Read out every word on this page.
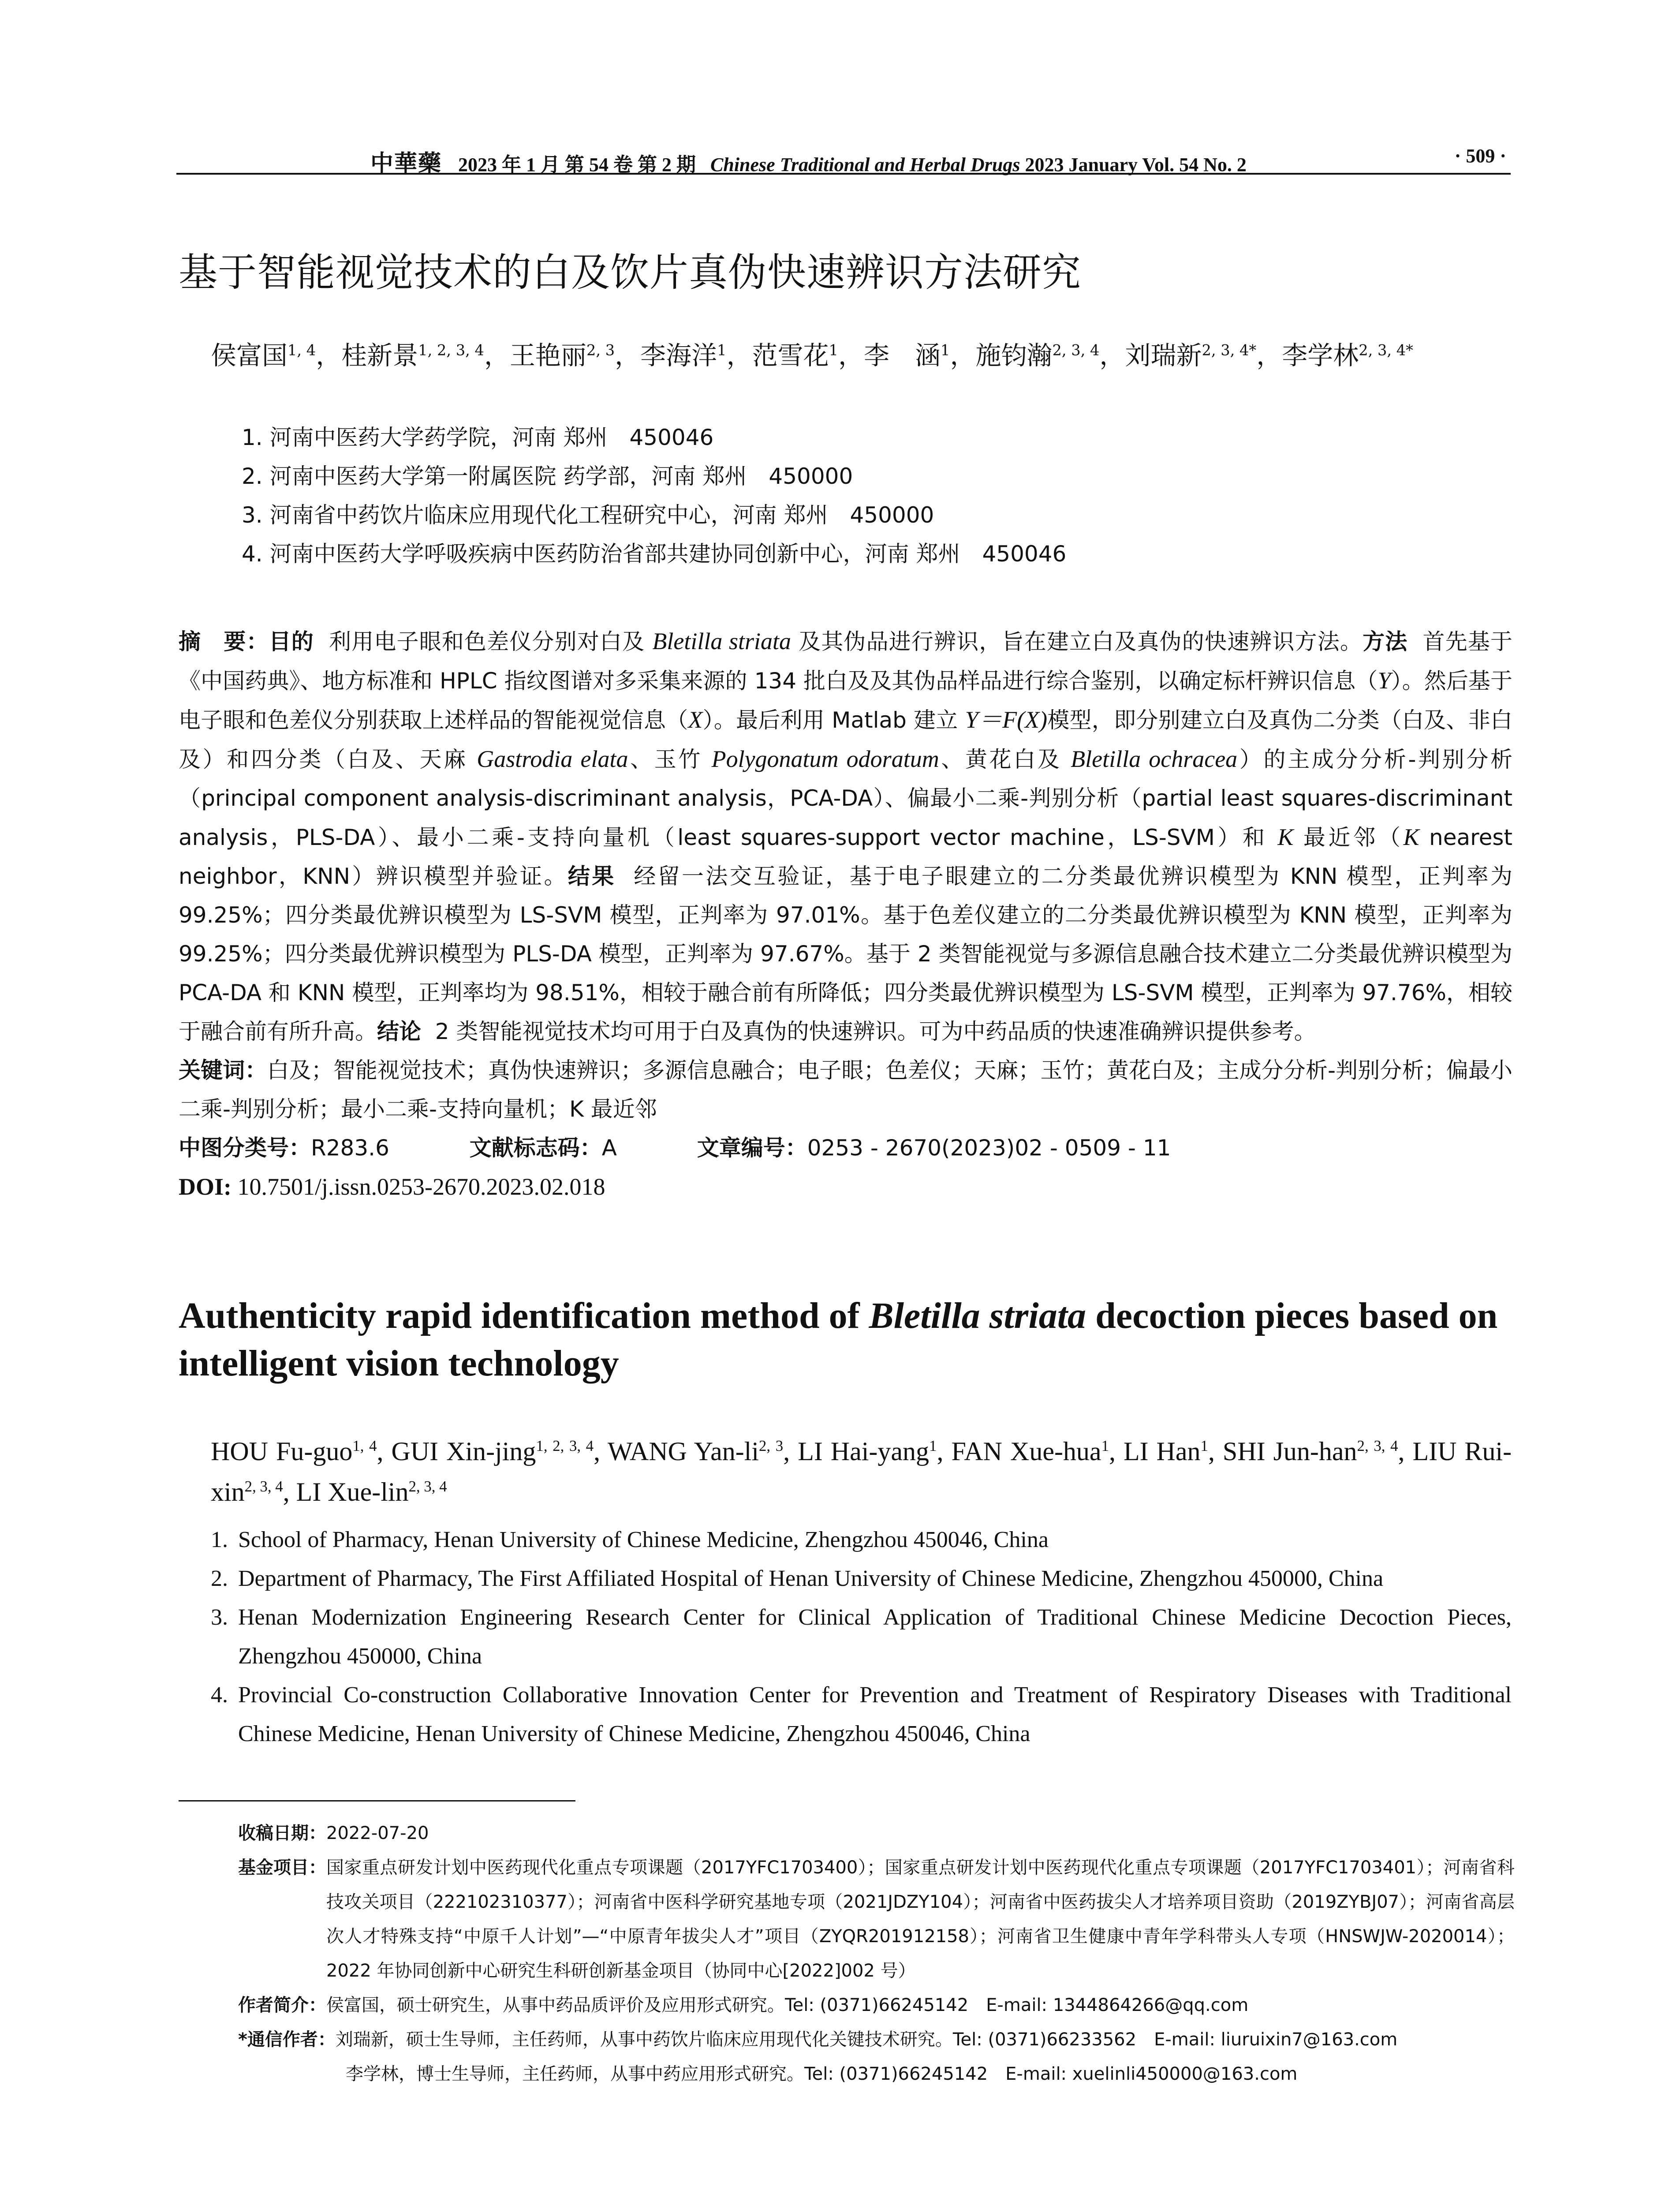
中華藥 2023 年 1 月 第 54 卷 第 2 期 Chinese Traditional and Herbal Drugs 2023 January Vol. 54 No. 2	· 509 ·
基于智能视觉技术的白及饮片真伪快速辨识方法研究
侯富国$^{1, 4}$，桂新景$^{1, 2, 3, 4}$，王艳丽$^{2, 3}$，李海洋$^1$，范雪花$^1$，李　涵$^1$，施钧瀚$^{2, 3, 4}$，刘瑞新$^{2, 3, 4*}$，李学林$^{2, 3, 4*}$
1. 河南中医药大学药学院，河南 郑州　450046
2. 河南中医药大学第一附属医院 药学部，河南 郑州　450000
3. 河南省中药饮片临床应用现代化工程研究中心，河南 郑州　450000
4. 河南中医药大学呼吸疾病中医药防治省部共建协同创新中心，河南 郑州　450046

摘　要：目的 利用电子眼和色差仪分别对白及 Bletilla striata 及其伪品进行辨识，旨在建立白及真伪的快速辨识方法。方法 首先基于《中国药典》、地方标准和 HPLC 指纹图谱对多采集来源的 134 批白及及其伪品样品进行综合鉴别，以确定标杆辨识信息（Y）。然后基于电子眼和色差仪分别获取上述样品的智能视觉信息（X）。最后利用 Matlab 建立 Y＝F(X)模型，即分别建立白及真伪二分类（白及、非白及）和四分类（白及、天麻 Gastrodia elata、玉竹 Polygonatum odoratum、黄花白及 Bletilla ochracea）的主成分分析-判别分析（principal component analysis-discriminant analysis，PCA-DA）、偏最小二乘-判别分析（partial least squares-discriminant analysis，PLS-DA）、最小二乘-支持向量机（least squares-support vector machine，LS-SVM）和 K 最近邻（K nearest neighbor，KNN）辨识模型并验证。结果 经留一法交互验证，基于电子眼建立的二分类最优辨识模型为 KNN 模型，正判率为 99.25%；四分类最优辨识模型为 LS-SVM 模型，正判率为 97.01%。基于色差仪建立的二分类最优辨识模型为 KNN 模型，正判率为 99.25%；四分类最优辨识模型为 PLS-DA 模型，正判率为 97.67%。基于 2 类智能视觉与多源信息融合技术建立二分类最优辨识模型为 PCA-DA 和 KNN 模型，正判率均为 98.51%，相较于融合前有所降低；四分类最优辨识模型为 LS-SVM 模型，正判率为 97.76%，相较于融合前有所升高。结论 2 类智能视觉技术均可用于白及真伪的快速辨识。可为中药品质的快速准确辨识提供参考。

关键词：白及；智能视觉技术；真伪快速辨识；多源信息融合；电子眼；色差仪；天麻；玉竹；黄花白及；主成分分析-判别分析；偏最小二乘-判别分析；最小二乘-支持向量机；K 最近邻

中图分类号：R283.6	文献标志码：A	文章编号：0253 - 2670(2023)02 - 0509 - 11
DOI: 10.7501/j.issn.0253-2670.2023.02.018
Authenticity rapid identification method of Bletilla striata decoction pieces based on intelligent vision technology
HOU Fu-guo$^{1, 4}$, GUI Xin-jing$^{1, 2, 3, 4}$, WANG Yan-li$^{2, 3}$, LI Hai-yang$^1$, FAN Xue-hua$^1$, LI Han$^1$, SHI Jun-han$^{2, 3, 4}$, LIU Rui-xin$^{2, 3, 4}$, LI Xue-lin$^{2, 3, 4}$
1. School of Pharmacy, Henan University of Chinese Medicine, Zhengzhou 450046, China
2. Department of Pharmacy, The First Affiliated Hospital of Henan University of Chinese Medicine, Zhengzhou 450000, China
3. Henan Modernization Engineering Research Center for Clinical Application of Traditional Chinese Medicine Decoction Pieces, Zhengzhou 450000, China
4. Provincial Co-construction Collaborative Innovation Center for Prevention and Treatment of Respiratory Diseases with Traditional Chinese Medicine, Henan University of Chinese Medicine, Zhengzhou 450046, China
收稿日期： 2022-07-20
基金项目： 国家重点研发计划中医药现代化重点专项课题（2017YFC1703400）；国家重点研发计划中医药现代化重点专项课题（2017YFC1703401）；河南省科技攻关项目（222102310377）；河南省中医科学研究基地专项（2021JDZY104）；河南省中医药拔尖人才培养项目资助（2019ZYBJ07）；河南省高层次人才特殊支持“中原千人计划”—“中原青年拔尖人才”项目（ZYQR201912158）；河南省卫生健康中青年学科带头人专项（HNSWJW-2020014）；2022 年协同创新中心研究生科研创新基金项目（协同中心[2022]002 号）
作者简介： 侯富国，硕士研究生，从事中药品质评价及应用形式研究。Tel: (0371)66245142　E-mail: 1344864266@qq.com
*通信作者： 刘瑞新，硕士生导师，主任药师，从事中药饮片临床应用现代化关键技术研究。Tel: (0371)66233562　E-mail: liuruixin7@163.com
李学林，博士生导师，主任药师，从事中药应用形式研究。Tel: (0371)66245142　E-mail: xuelinli450000@163.com
